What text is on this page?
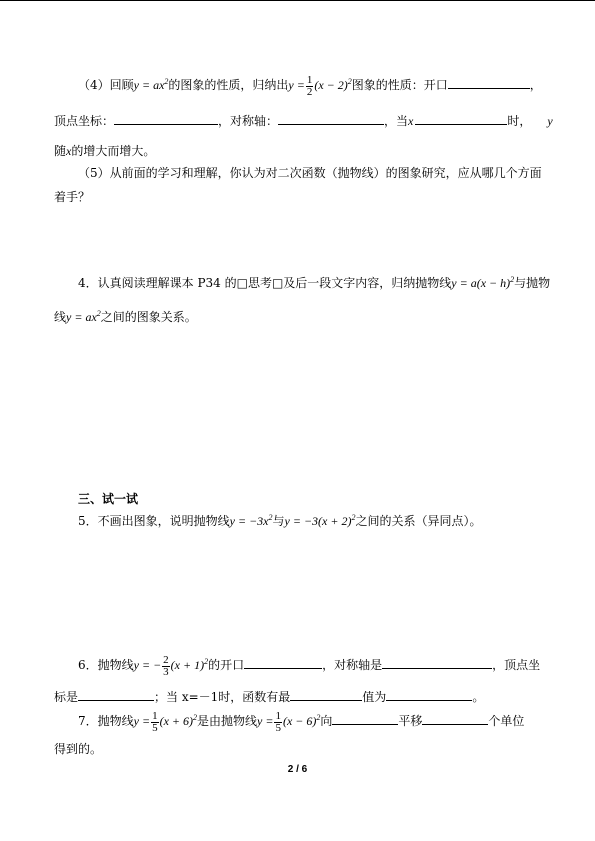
（4）回顾$y = ax^2$的图象的性质，归纳出$y = \frac{1}{2} (x - 2)^2$图象的性质：开口	，
顶点坐标：	，对称轴：	，当x	时， y
随x的增大而增大。
（5）从前面的学习和理解，你认为对二次函数（抛物线）的图象研究，应从哪几个方面
着手？
4．认真阅读理解课本 P34 的□思考□及后一段文字内容，归纳抛物线$y = a(x - h)^2$与抛物
线$y = ax^2$之间的图象关系。
三、试一试
5．不画出图象，说明抛物线$y = -3x^2$与$y = -3(x + 2)^2$之间的关系（异同点）。
6．抛物线y = − $\frac{2}{3} (x + 1)^2$的开口	，对称轴是	，顶点坐
标是	；当 x=－1时，函数有最	值为	。
7．抛物线$y = \frac{1}{5} (x + 6)^2$是由抛物线$y = \frac{1}{5} (x - 6)^2$向	平移	个单位
得到的。
2 / 6
